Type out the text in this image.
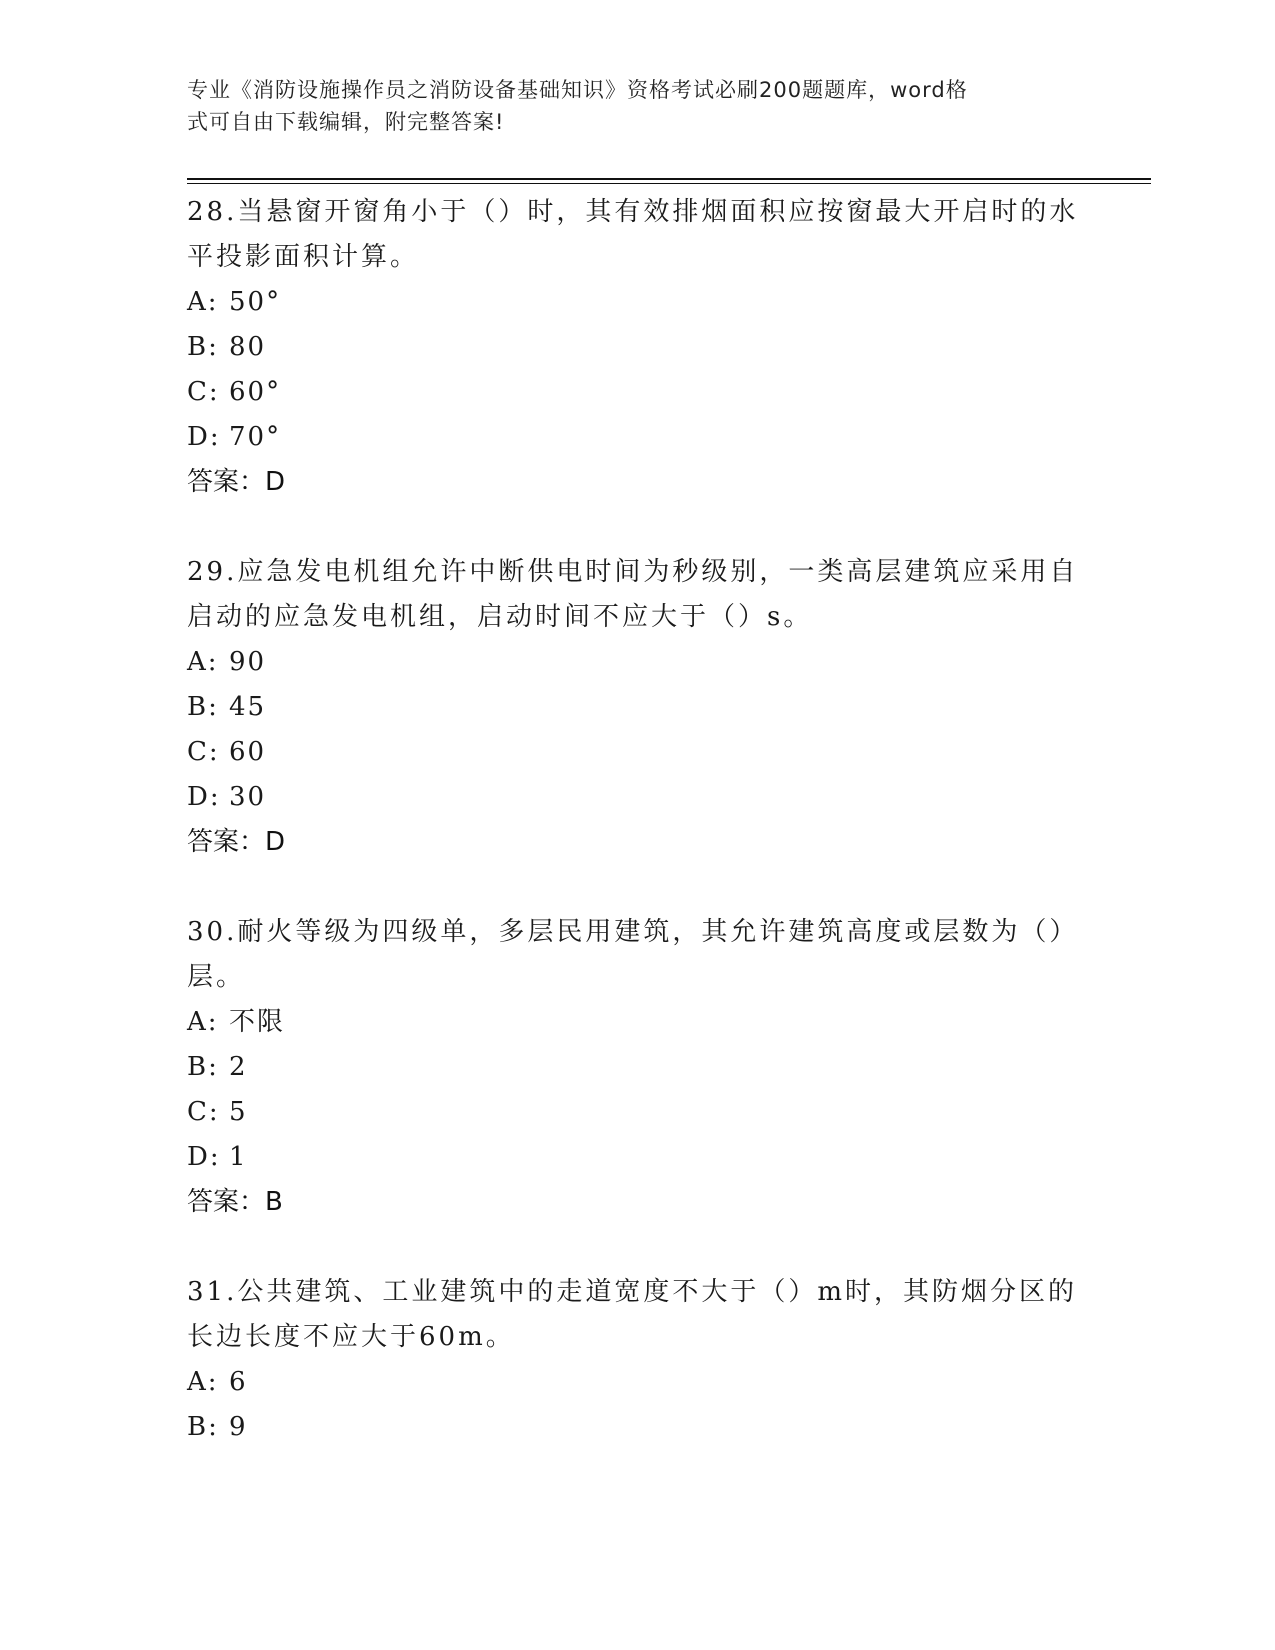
专业《消防设施操作员之消防设备基础知识》资格考试必刷200题题库，word格
式可自由下载编辑，附完整答案!
28.当悬窗开窗角小于（）时，其有效排烟面积应按窗最大开启时的水
平投影面积计算。
A: 50°
B: 80
C: 60°
D: 70°
答案：D
29.应急发电机组允许中断供电时间为秒级别，一类高层建筑应采用自
启动的应急发电机组，启动时间不应大于（）s。
A: 90
B: 45
C: 60
D: 30
答案：D
30.耐火等级为四级单，多层民用建筑，其允许建筑高度或层数为（）
层。
A: 不限
B: 2
C: 5
D: 1
答案：B
31.公共建筑、工业建筑中的走道宽度不大于（）m时，其防烟分区的
长边长度不应大于60m。
A: 6
B: 9
